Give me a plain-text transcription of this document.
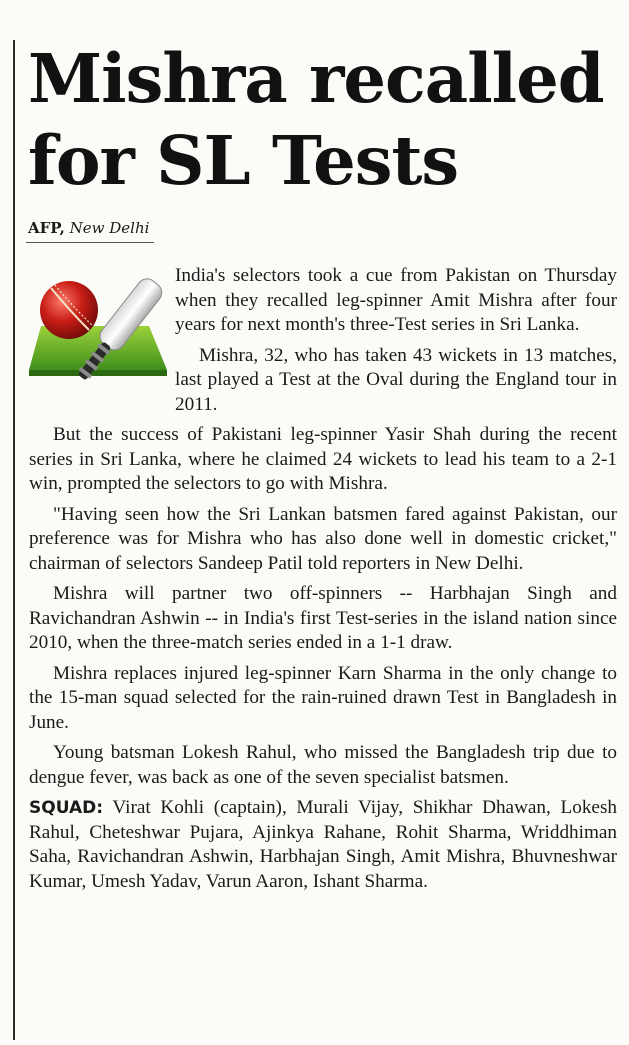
Mishra recalled for SL Tests
AFP, New Delhi

India's selectors took a cue from Pakistan on Thursday when they recalled leg-spinner Amit Mishra after four years for next month's three-Test series in Sri Lanka.

Mishra, 32, who has taken 43 wickets in 13 matches, last played a Test at the Oval during the England tour in 2011.

But the success of Pakistani leg-spinner Yasir Shah during the recent series in Sri Lanka, where he claimed 24 wickets to lead his team to a 2-1 win, prompted the selectors to go with Mishra.

"Having seen how the Sri Lankan batsmen fared against Pakistan, our preference was for Mishra who has also done well in domestic cricket," chairman of selectors Sandeep Patil told reporters in New Delhi.

Mishra will partner two off-spinners -- Harbhajan Singh and Ravichandran Ashwin -- in India's first Test-series in the island nation since 2010, when the three-match series ended in a 1-1 draw.

Mishra replaces injured leg-spinner Karn Sharma in the only change to the 15-man squad selected for the rain-ruined drawn Test in Bangladesh in June.

Young batsman Lokesh Rahul, who missed the Bangladesh trip due to dengue fever, was back as one of the seven specialist batsmen.

SQUAD: Virat Kohli (captain), Murali Vijay, Shikhar Dhawan, Lokesh Rahul, Cheteshwar Pujara, Ajinkya Rahane, Rohit Sharma, Wriddhiman Saha, Ravichandran Ashwin, Harbhajan Singh, Amit Mishra, Bhuvneshwar Kumar, Umesh Yadav, Varun Aaron, Ishant Sharma.
